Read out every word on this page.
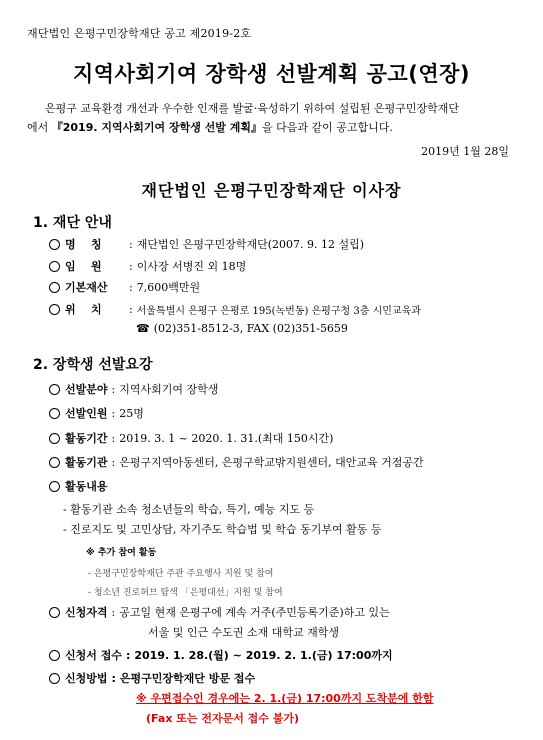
재단법인 은평구민장학재단 공고 제2019-2호
지역사회기여 장학생 선발계획 공고(연장)
은평구 교육환경 개선과 우수한 인재를 발굴·육성하기 위하여 설립된 은평구민장학재단
에서 『2019. 지역사회기여 장학생 선발 계획』을 다음과 같이 공고합니다.
2019년 1월 28일
재단법인 은평구민장학재단 이사장
1. 재단 안내
명    칭	: 재단법인 은평구민장학재단(2007. 9. 12 설립)
임    원	: 이사장 서병진 외 18명
기본재산	: 7,600백만원
위    치	: 서울특별시 은평구 은평로 195(녹번동) 은평구청 3층 시민교육과
☎ (02)351-8512-3, FAX (02)351-5659
2. 장학생 선발요강
선발분야 : 지역사회기여 장학생
선발인원 : 25명
활동기간 : 2019. 3. 1 ~ 2020. 1. 31.(최대 150시간)
활동기관 : 은평구지역아동센터, 은평구학교밖지원센터, 대안교육 거점공간
활동내용
- 활동기관 소속 청소년들의 학습, 특기, 예능 지도 등
- 진로지도 및 고민상담, 자기주도 학습법 및 학습 동기부여 활동 등
※ 추가 참여 활동
- 은평구민장학재단 주관 주요행사 지원 및 참여
- 청소년 진로허브 탐색 「은평대선」지원 및 참여
신청자격 : 공고일 현재 은평구에 계속 거주(주민등록기준)하고 있는
서울 및 인근 수도권 소재 대학교 재학생
신청서 접수 : 2019. 1. 28.(월) ~ 2019. 2. 1.(금) 17:00까지
신청방법 : 은평구민장학재단 방문 접수
※ 우편접수인 경우에는 2. 1.(금) 17:00까지 도착분에 한함
(Fax 또는 전자문서 접수 불가)
